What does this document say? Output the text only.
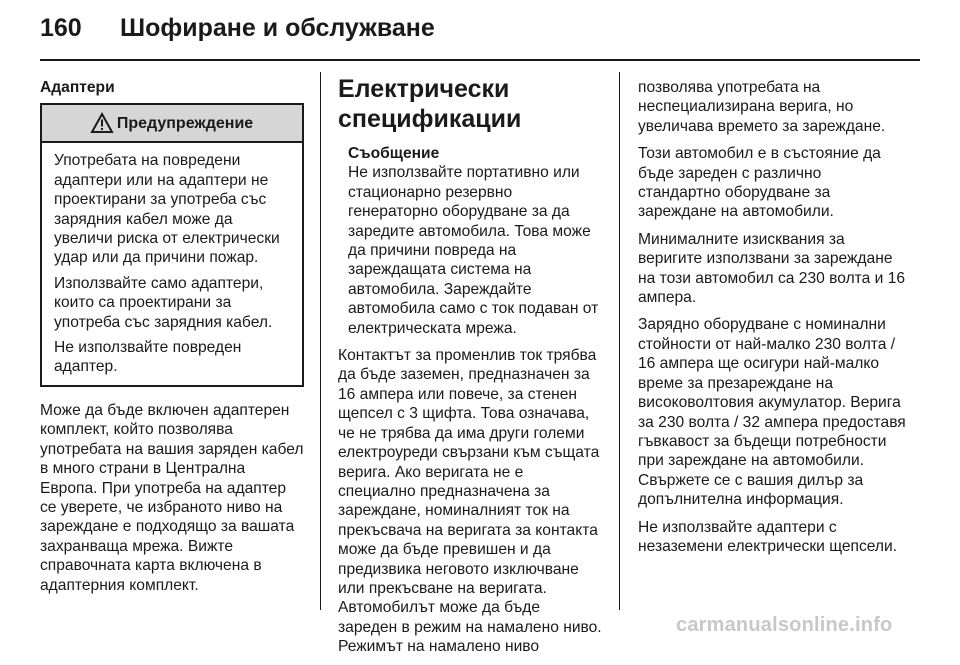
160 Шофиране и обслужване
Адаптери
Предупреждение

Употребата на повредени адаптери или на адаптери не проектирани за употреба със зарядния кабел може да увеличи риска от електрически удар или да причини пожар.

Използвайте само адаптери, които са проектирани за употреба със зарядния кабел.

Не използвайте повреден адаптер.

Може да бъде включен адаптерен комплект, който позволява употребата на вашия заряден кабел в много страни в Централна Европа. При употреба на адаптер се уверете, че избраното ниво на зареждане е подходящо за вашата захранваща мрежа. Вижте справочната карта включена в адаптерния комплект.

Електрически спецификации
Съобщение
Не използвайте портативно или стационарно резервно генераторно оборудване за да заредите автомобила. Това може да причини повреда на зареждащата система на автомобила. Зареждайте автомобила само с ток подаван от електрическата мрежа.

Контактът за променлив ток трябва да бъде заземен, предназначен за 16 ампера или повече, за стенен щепсел с 3 щифта. Това означава, че не трябва да има други големи електроуреди свързани към същата верига. Ако веригата не е специално предназначена за зареждане, номиналният ток на прекъсвача на веригата за контакта може да бъде превишен и да предизвика неговото изключване или прекъсване на веригата. Автомобилът може да бъде зареден в режим на намалено ниво. Режимът на намалено ниво

позволява употребата на неспециализирана верига, но увеличава времето за зареждане.

Този автомобил е в състояние да бъде зареден с различно стандартно оборудване за зареждане на автомобили.

Минималните изисквания за веригите използвани за зареждане на този автомобил са 230 волта и 16 ампера.

Зарядно оборудване с номинални стойности от най-малко 230 волта / 16 ампера ще осигури най-малко време за презареждане на високоволтовия акумулатор. Верига за 230 волта / 32 ампера предоставя гъвкавост за бъдещи потребности при зареждане на автомобили. Свържете се с вашия дилър за допълнителна информация.

Не използвайте адаптери с незаземени електрически щепсели.

carmanualsonline.info
